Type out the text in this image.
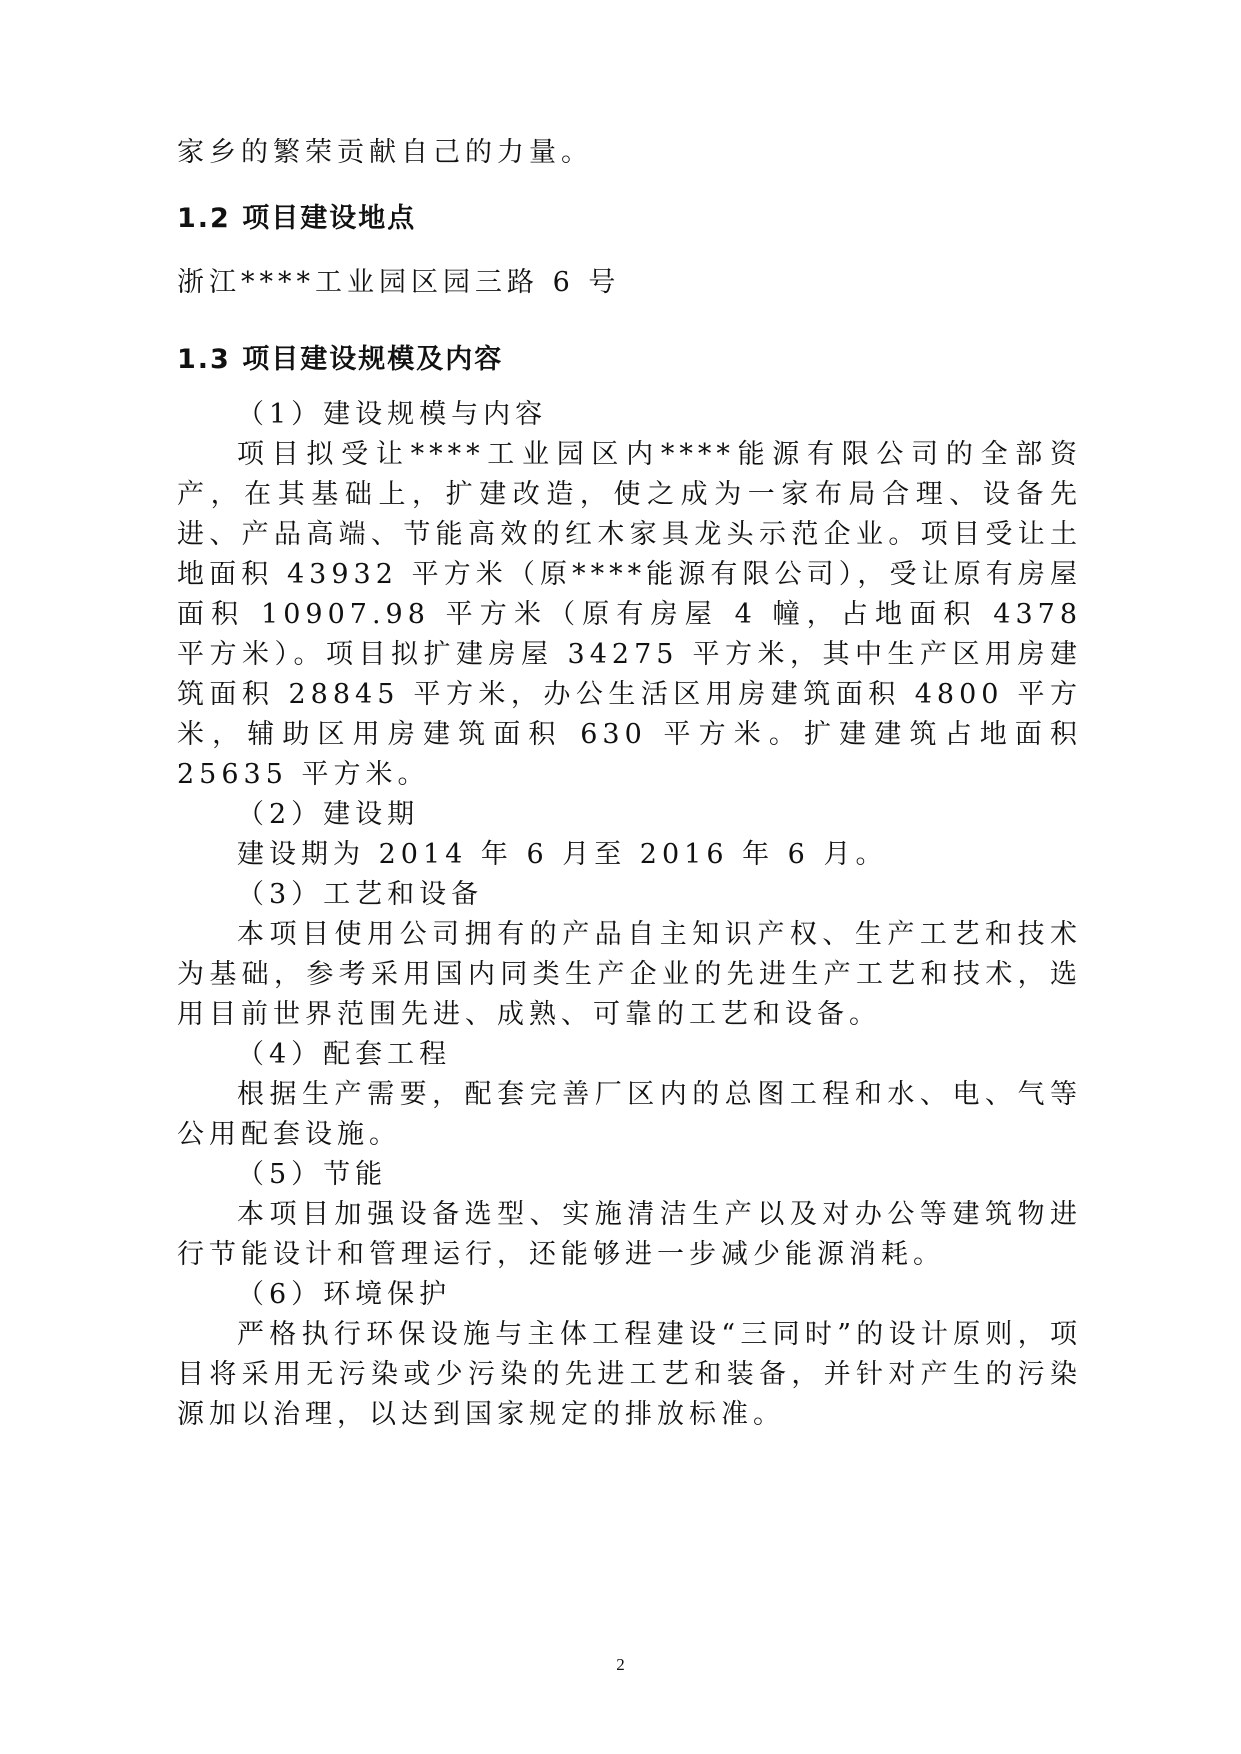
家乡的繁荣贡献自己的力量。

1.2 项目建设地点

浙江****工业园区园三路 6 号

1.3 项目建设规模及内容
（1）建设规模与内容
项目拟受让****工业园区内****能源有限公司的全部资产，在其基础上，扩建改造，使之成为一家布局合理、设备先进、产品高端、节能高效的红木家具龙头示范企业。项目受让土地面积 43932 平方米（原****能源有限公司），受让原有房屋面积 10907.98 平方米（原有房屋 4 幢，占地面积 4378 平方米）。项目拟扩建房屋 34275 平方米，其中生产区用房建筑面积 28845 平方米，办公生活区用房建筑面积 4800 平方米，辅助区用房建筑面积 630 平方米。扩建建筑占地面积 25635 平方米。
（2）建设期
建设期为 2014 年 6 月至 2016 年 6 月。
（3）工艺和设备
本项目使用公司拥有的产品自主知识产权、生产工艺和技术为基础，参考采用国内同类生产企业的先进生产工艺和技术，选用目前世界范围先进、成熟、可靠的工艺和设备。
（4）配套工程
根据生产需要，配套完善厂区内的总图工程和水、电、气等公用配套设施。
（5）节能
本项目加强设备选型、实施清洁生产以及对办公等建筑物进行节能设计和管理运行，还能够进一步减少能源消耗。
（6）环境保护
严格执行环保设施与主体工程建设“三同时”的设计原则，项目将采用无污染或少污染的先进工艺和装备，并针对产生的污染源加以治理，以达到国家规定的排放标准。
2
